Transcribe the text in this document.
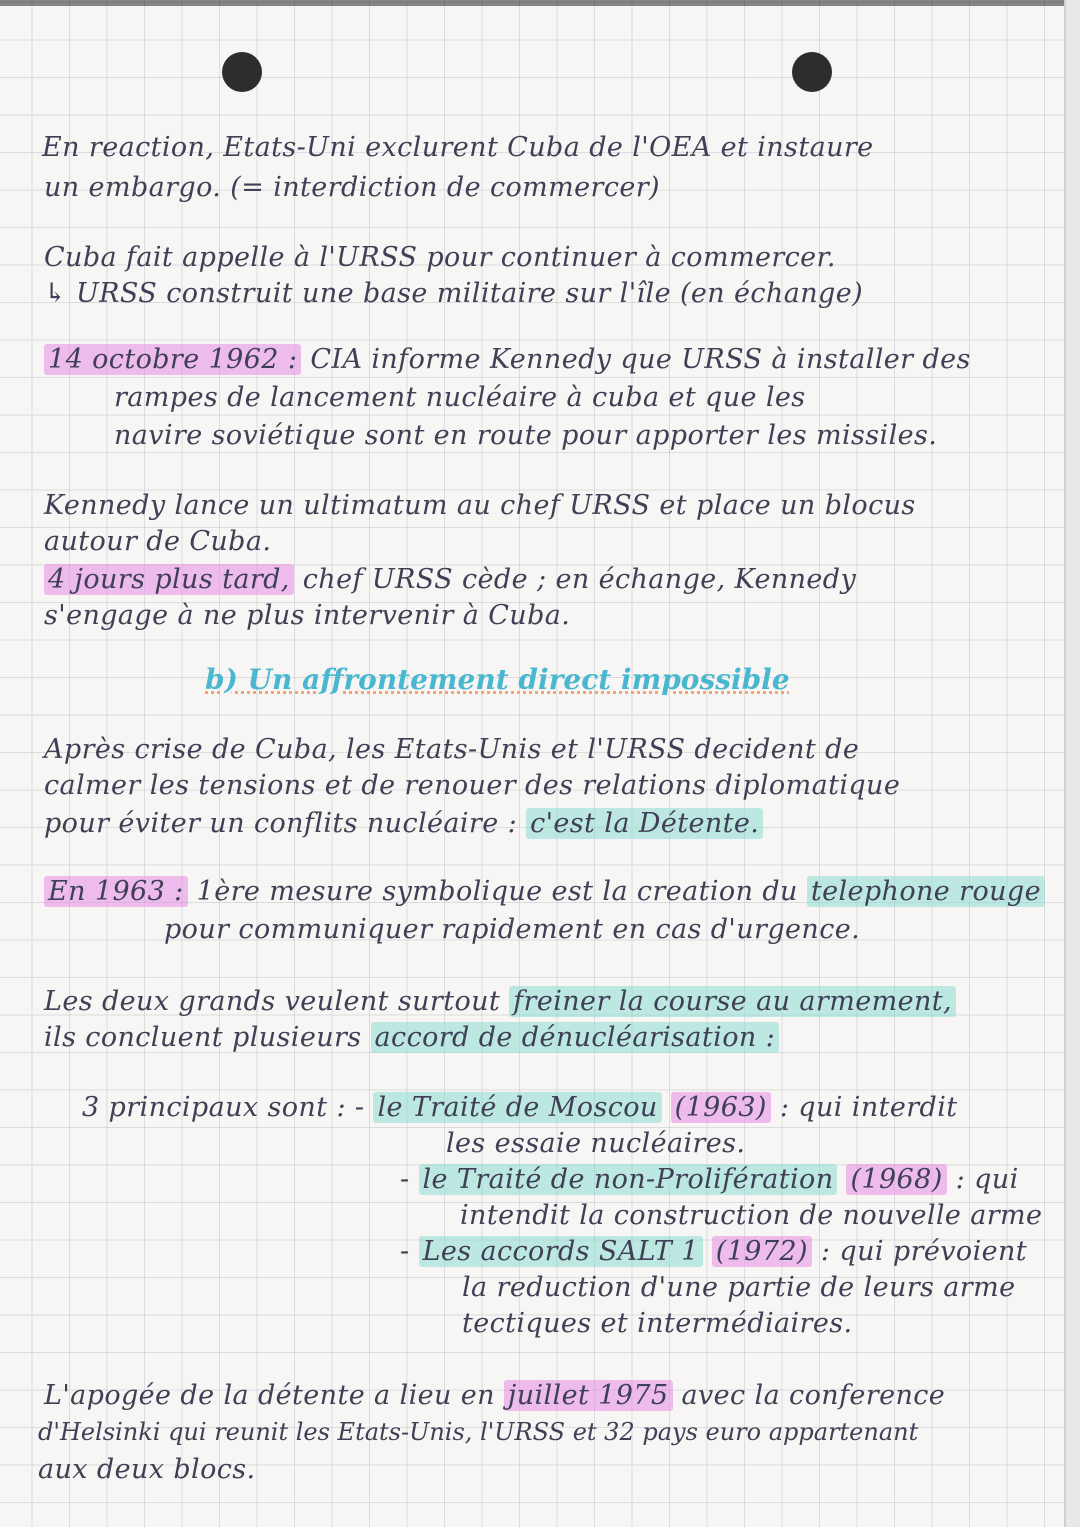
En reaction, Etats-Uni exclurent Cuba de l'OEA et instaure

un embargo. (= interdiction de commercer)

Cuba fait appelle à l'URSS pour continuer à commercer.

↳ URSS construit une base militaire sur l'île (en échange)

14 octobre 1962 : CIA informe Kennedy que URSS à installer des

rampes de lancement nucléaire à cuba et que les

navire soviétique sont en route pour apporter les missiles.

Kennedy lance un ultimatum au chef URSS et place un blocus

autour de Cuba.

4 jours plus tard, chef URSS cède ; en échange, Kennedy

s'engage à ne plus intervenir à Cuba.

b) Un affrontement direct impossible

Après crise de Cuba, les Etats-Unis et l'URSS decident de

calmer les tensions et de renouer des relations diplomatique

pour éviter un conflits nucléaire : c'est la Détente.

En 1963 : 1ère mesure symbolique est la creation du telephone rouge

pour communiquer rapidement en cas d'urgence.

Les deux grands veulent surtout freiner la course au armement,

ils concluent plusieurs accord de dénucléarisation :

3 principaux sont : - le Traité de Moscou (1963) : qui interdit

les essaie nucléaires.

- le Traité de non-Prolifération (1968) : qui

intendit la construction de nouvelle arme

- Les accords SALT 1 (1972) : qui prévoient

la reduction d'une partie de leurs arme

tectiques et intermédiaires.

L'apogée de la détente a lieu en juillet 1975 avec la conference

d'Helsinki qui reunit les Etats-Unis, l'URSS et 32 pays euro appartenant

aux deux blocs.
